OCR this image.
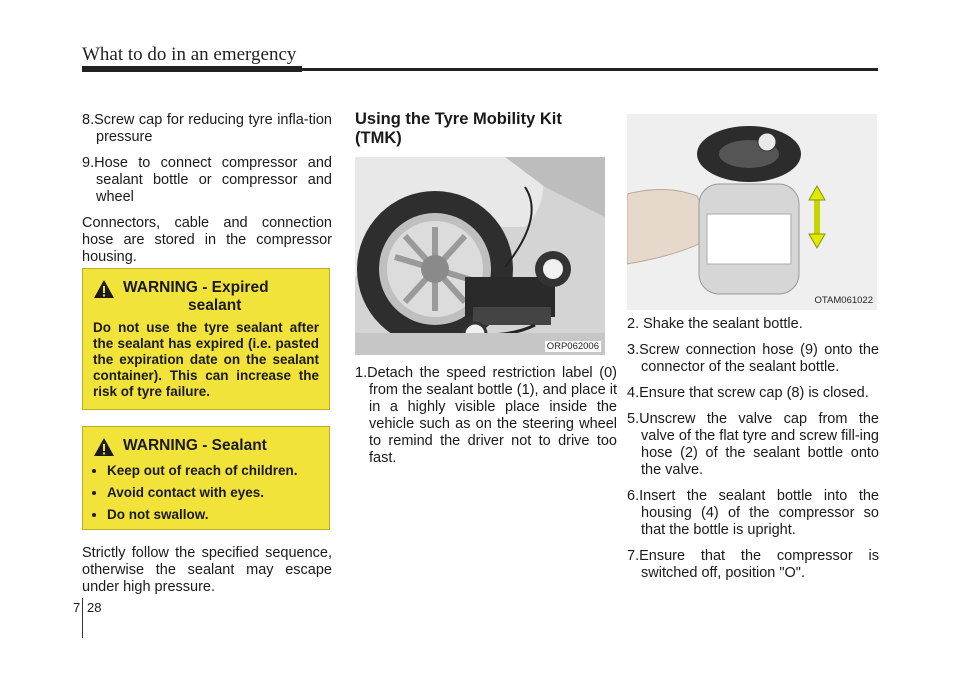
What to do in an emergency

8.Screw cap for reducing tyre infla-tion pressure

9.Hose to connect compressor and sealant bottle or compressor and wheel

Connectors, cable and connection hose are stored in the compressor housing.

WARNING - Expired
sealant
Do not use the tyre sealant after the sealant has expired (i.e. pasted the expiration date on the sealant container). This can increase the risk of tyre failure.
WARNING - Sealant
• Keep out of reach of children.
• Avoid contact with eyes.
• Do not swallow.
Strictly follow the specified sequence, otherwise the sealant may escape under high pressure.
Using the Tyre Mobility Kit (TMK)
ORP062006
1.Detach the speed restriction label (0) from the sealant bottle (1), and place it in a highly visible place inside the vehicle such as on the steering wheel to remind the driver not to drive too fast.
OTAM061022

2. Shake the sealant bottle.

3.Screw connection hose (9) onto the connector of the sealant bottle.

4.Ensure that screw cap (8) is closed.

5.Unscrew the valve cap from the valve of the flat tyre and screw fill-ing hose (2) of the sealant bottle onto the valve.

6.Insert the sealant bottle into the housing (4) of the compressor so that the bottle is upright.

7.Ensure that the compressor is switched off, position "O".

7 28
